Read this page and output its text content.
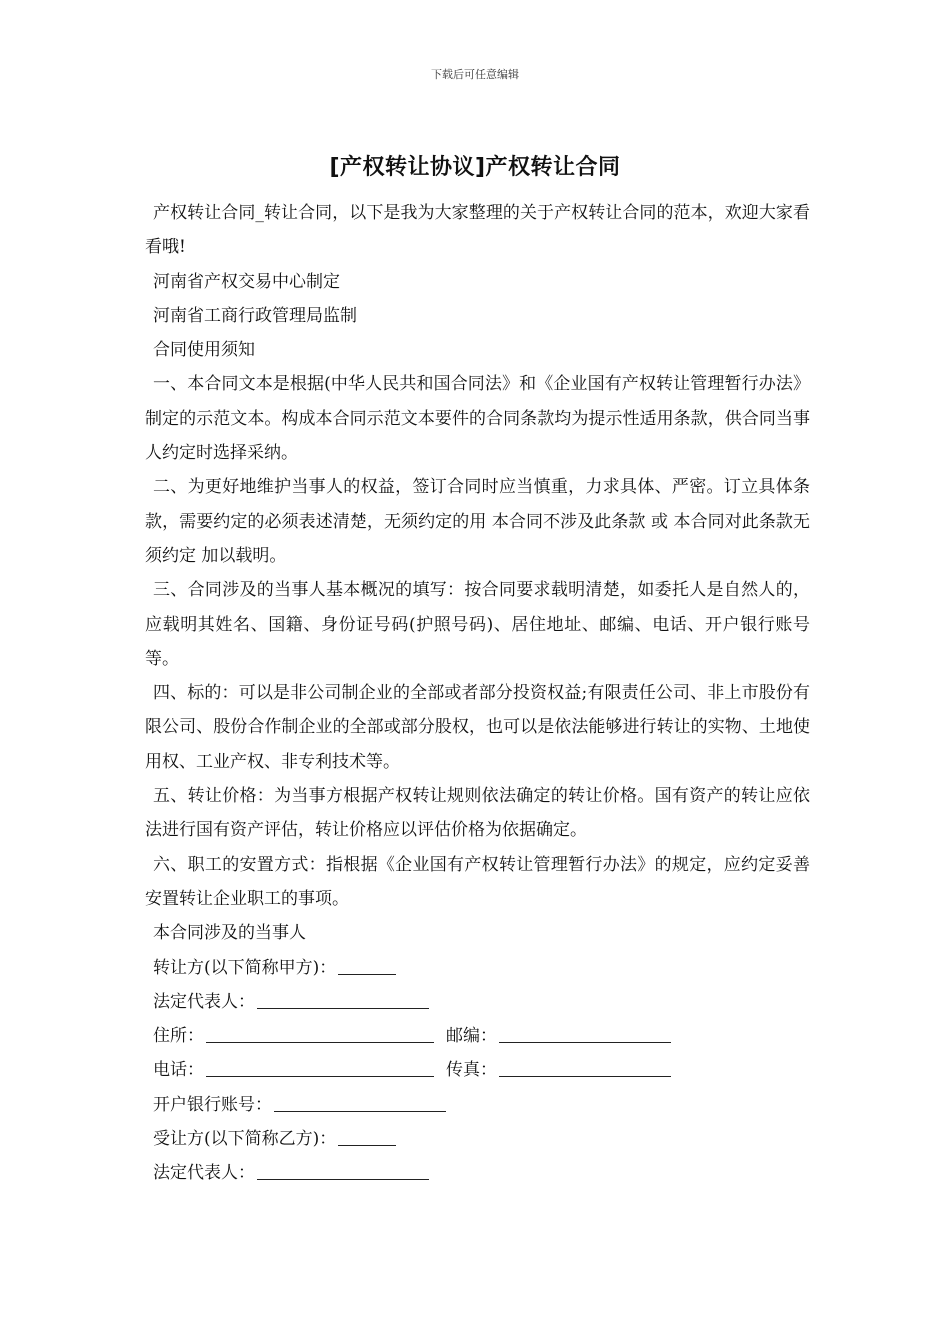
下载后可任意编辑
[产权转让协议]产权转让合同

产权转让合同_转让合同，以下是我为大家整理的关于产权转让合同的范本，欢迎大家看看哦!

河南省产权交易中心制定

河南省工商行政管理局监制

合同使用须知

一、本合同文本是根据(中华人民共和国合同法》和《企业国有产权转让管理暂行办法》制定的示范文本。构成本合同示范文本要件的合同条款均为提示性适用条款，供合同当事人约定时选择采纳。

二、为更好地维护当事人的权益，签订合同时应当慎重，力求具体、严密。订立具体条款，需要约定的必须表述清楚，无须约定的用 本合同不涉及此条款 或 本合同对此条款无须约定 加以载明。

三、合同涉及的当事人基本概况的填写：按合同要求载明清楚，如委托人是自然人的，应载明其姓名、国籍、身份证号码(护照号码)、居住地址、邮编、电话、开户银行账号等。

四、标的：可以是非公司制企业的全部或者部分投资权益;有限责任公司、非上市股份有限公司、股份合作制企业的全部或部分股权，也可以是依法能够进行转让的实物、土地使用权、工业产权、非专利技术等。

五、转让价格：为当事方根据产权转让规则依法确定的转让价格。国有资产的转让应依法进行国有资产评估，转让价格应以评估价格为依据确定。

六、职工的安置方式：指根据《企业国有产权转让管理暂行办法》的规定，应约定妥善安置转让企业职工的事项。

本合同涉及的当事人

转让方(以下简称甲方)：
法定代表人：
住所：	邮编：
电话：	传真：
开户银行账号：
受让方(以下简称乙方)：
法定代表人：
